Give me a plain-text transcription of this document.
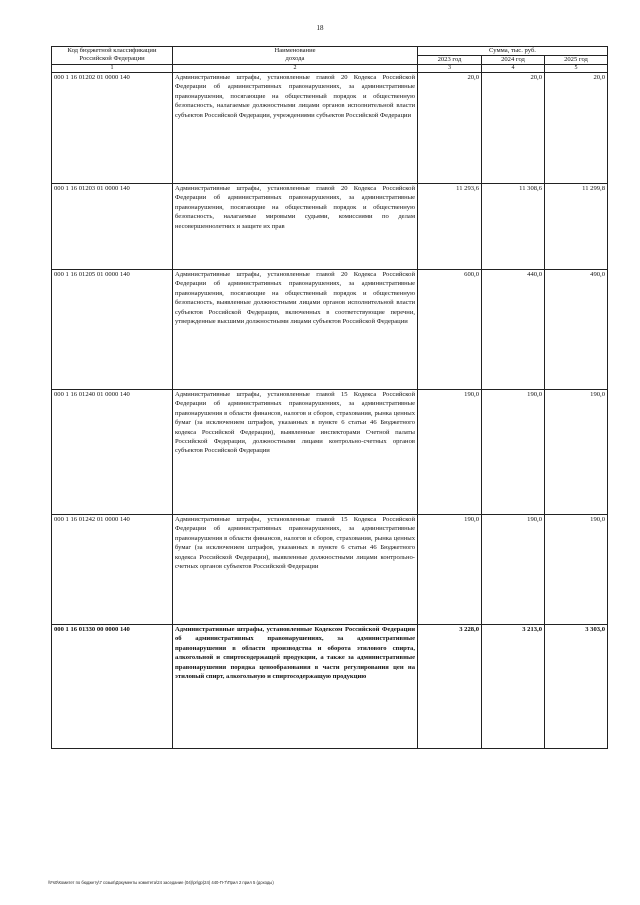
18
Код бюджетной классификации Российской Федерации	Наименование
дохода	Сумма, тыс. руб.		
		2023 год	2024 год	2025 год
1	2	3	4	5
000 1 16 01202 01 0000 140	Административные штрафы, установленные главой 20 Кодекса Российской Федерации об административных правонарушениях, за административные правонарушения, посягающие на общественный порядок и общественную безопасность, налагаемые должностными лицами органов исполнительной власти субъектов Российской Федерации, учреждениями субъектов Российской Федерации	20,0	20,0	20,0
000 1 16 01203 01 0000 140	Административные штрафы, установленные главой 20 Кодекса Российской Федерации об административных правонарушениях, за административные правонарушения, посягающие на общественный порядок и общественную безопасность, налагаемые мировыми судьями, комиссиями по делам несовершеннолетних и защите их прав	11 293,6	11 308,6	11 299,8
000 1 16 01205 01 0000 140	Административные штрафы, установленные главой 20 Кодекса Российской Федерации об административных правонарушениях, за административные правонарушения, посягающие на общественный порядок и общественную безопасность, выявленные должностными лицами органов исполнительной власти субъектов Российской Федерации, включенных в соответствующие перечни, утвержденные высшими должностными лицами субъектов Российской Федерации	600,0	440,0	490,0
000 1 16 01240 01 0000 140	Административные штрафы, установленные главой 15 Кодекса Российской Федерации об административных правонарушениях, за административные правонарушения в области финансов, налогов и сборов, страхования, рынка ценных бумаг (за исключением штрафов, указанных в пункте 6 статьи 46 Бюджетного кодекса Российской Федерации), выявленные инспекторами Счетной палаты Российской Федерации, должностными лицами контрольно-счетных органов субъектов Российской Федерации	190,0	190,0	190,0
000 1 16 01242 01 0000 140	Административные штрафы, установленные главой 15 Кодекса Российской Федерации об административных правонарушениях, за административные правонарушения в области финансов, налогов и сборов, страхования, рынка ценных бумаг (за исключением штрафов, указанных в пункте 6 статьи 46 Бюджетного кодекса Российской Федерации), выявленные должностными лицами контрольно-счетных органов субъектов Российской Федерации	190,0	190,0	190,0
000 1 16 01330 00 0000 140	Административные штрафы, установленные Кодексом Российской Федерации об административных правонарушениях, за административные правонарушения в области производства и оборота этилового спирта, алкогольной и спиртосодержащей продукции, а также за административные правонарушения порядка ценообразования в части регулирования цен на этиловый спирт, алкогольную и спиртосодержащую продукцию	3 228,0	3 213,0	3 303,0
\\Fs0\Комитет по бюджету\7 созыв\Документы комитета\24 заседание (04)\pr\gp(24) 440-П-7\Прил 2 прил 5 (доходы)
